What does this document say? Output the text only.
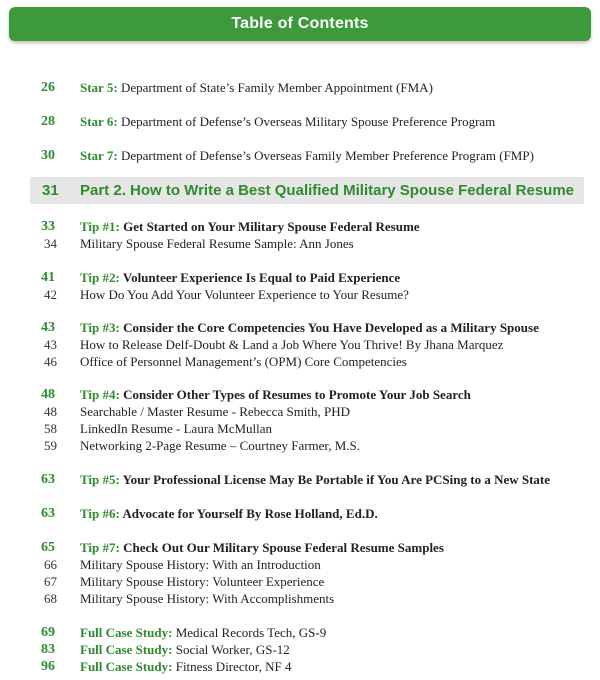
Table of Contents
26	Star 5: Department of State’s Family Member Appointment (FMA)
28	Star 6: Department of Defense’s Overseas Military Spouse Preference Program
30	Star 7: Department of Defense’s Overseas Family Member Preference Program (FMP)
31 Part 2. How to Write a Best Qualified Military Spouse Federal Resume
33	Tip #1: Get Started on Your Military Spouse Federal Resume
34	Military Spouse Federal Resume Sample: Ann Jones
41	Tip #2: Volunteer Experience Is Equal to Paid Experience
42	How Do You Add Your Volunteer Experience to Your Resume?
43	Tip #3: Consider the Core Competencies You Have Developed as a Military Spouse
43	How to Release Delf-Doubt & Land a Job Where You Thrive! By Jhana Marquez
46	Office of Personnel Management’s (OPM) Core Competencies
48	Tip #4: Consider Other Types of Resumes to Promote Your Job Search
48	Searchable / Master Resume - Rebecca Smith, PHD
58	LinkedIn Resume - Laura McMullan
59	Networking 2-Page Resume – Courtney Farmer, M.S.
63	Tip #5: Your Professional License May Be Portable if You Are PCSing to a New State
63	Tip #6: Advocate for Yourself By Rose Holland, Ed.D.
65	Tip #7: Check Out Our Military Spouse Federal Resume Samples
66	Military Spouse History: With an Introduction
67	Military Spouse History: Volunteer Experience
68	Military Spouse History: With Accomplishments
69	Full Case Study: Medical Records Tech, GS-9
83	Full Case Study: Social Worker, GS-12
96	Full Case Study: Fitness Director, NF 4
